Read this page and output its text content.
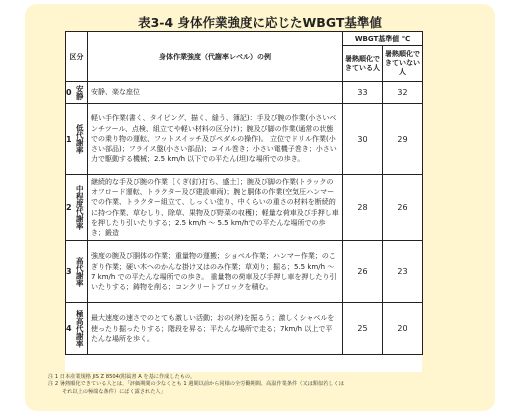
表3-4 身体作業強度に応じたWBGT基準値
区分	身体作業強度（代謝率レベル）の例	WBGT基準値 ℃	
		暑熱順化できている人	暑熱順化できていない人

0 安静	安静、楽な座位	33	32

1 低代謝率	軽い手作業(書く、タイピング、描く、縫う、簿記)：手及び腕の作業(小さいベンチツール、点検、組立てや軽い材料の区分け)；腕及び脚の作業(通常の状態での乗り物の運転、フットスイッチ及びペダルの操作)。 立位でドリル作業(小さい部品)；フライス盤(小さい部品)；コイル巻き；小さい電機子巻き；小さい力で駆動する機械；2.5 km/h 以下での平たん(坦)な場所での歩き。	30	29

2 中程度代謝率	継続的な手及び腕の作業［くぎ(釘)打ち、盛土］；腕及び脚の作業(トラックのオフロード運転、トラクター及び建設車両)；腕と胴体の作業(空気圧ハンマーでの作業、トラクター組立て、しっくい塗り、中くらいの重さの材料を断続的に持つ作業、草むしり、除草、果物及び野菜の収穫)；軽量な荷車及び手押し車を押したり引いたりする；2.5 km/h ～ 5.5 km/hでの平たんな場所での歩き；鍛造	28	26

3 高代謝率	強度の腕及び胴体の作業；重量物の運搬；ショベル作業；ハンマー作業；のこぎり作業；硬い木へのかんな掛け又はのみ作業；草刈り；掘る；5.5 km/h ～ 7 km/h での平たんな場所での歩き。 重量物の荷車及び手押し車を押したり引いたりする；鋳物を削る；コンクリートブロックを積む。	26	23

4 極高代謝率	最大速度の速さでのとても激しい活動；おの(斧)を振るう；激しくシャベルを使ったり掘ったりする；階段を昇る；平たんな場所で走る；7km/h 以上で平たんな場所を歩く。	25	20
注 1 日本産業規格 JIS Z 8504(附属書 A を基に作成したもの。
注 2 暑熱順化できている人とは、「評価期間の少なくとも 1 週間以前から同様の全労働期間、高温作業条件（又は類似若しくは
それ以上の極端な条件）にばく露された人」
